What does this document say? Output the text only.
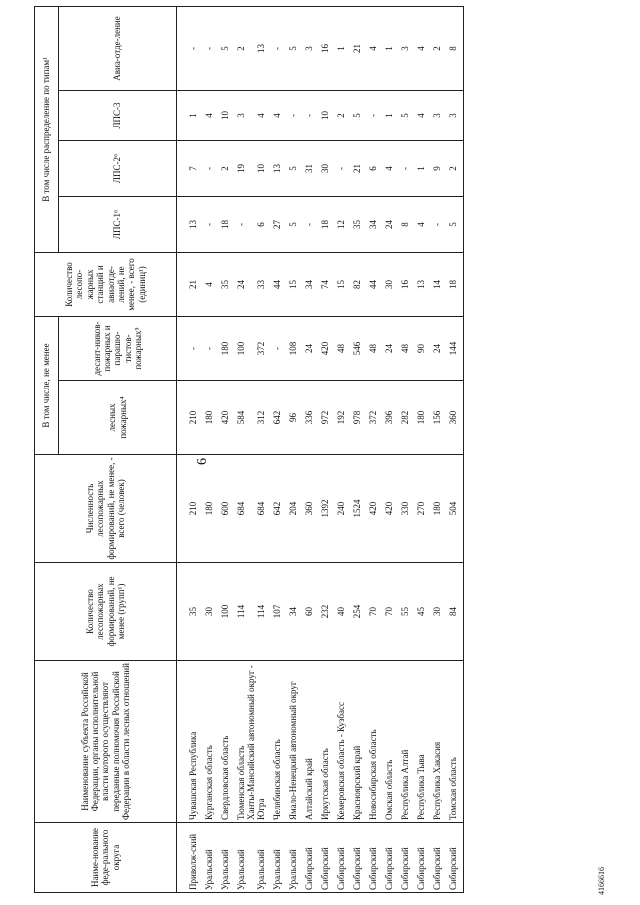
6
Наиме-нование феде-рального округа	Наименование субъекта Российской Федерации, органы исполнительной власти которого осуществляют переданные полномочия Российской Федерации в области лесных отношений	Количество лесопожарных формирований, не менее (групп¹)	Численность лесопожарных формирований, не менее, - всего (человек)	В том числе, не менее		Количество лесопо-жарных станций и авиаотде-лений, не менее, - всего (единиц¹)	В том числе распределение по типам¹			
				лесных пожарных⁴	десант-ников-пожарных и парашю-тистов-пожарных⁵		ЛПС-1⁶	ЛПС-2⁶	ЛПС-3	Авиа-отде-ление
Приволж-ский	Чувашская Республика	35	210	210	-	21	13	7	1	-
Уральский	Курганская область	30	180	180	-	4	-	-	4	-
Уральский	Свердловская область	100	600	420	180	35	18	2	10	5
Уральский	Тюменская область	114	684	584	100	24	-	19	3	2
Уральский	Ханты-Мансийский автономный округ - Югра	114	684	312	372	33	6	10	4	13
Уральский	Челябинская область	107	642	642	-	44	27	13	4	-
Уральский	Ямало-Ненецкий автономный округ	34	204	96	108	15	5	5	-	5
Сибирский	Алтайский край	60	360	336	24	34	-	31	-	3
Сибирский	Иркутская область	232	1392	972	420	74	18	30	10	16
Сибирский	Кемеровская область - Кузбасс	40	240	192	48	15	12	-	2	1
Сибирский	Красноярский край	254	1524	978	546	82	35	21	5	21
Сибирский	Новосибирская область	70	420	372	48	44	34	6	-	4
Сибирский	Омская область	70	420	396	24	30	24	4	1	1
Сибирский	Республика Алтай	55	330	282	48	16	8	-	5	3
Сибирский	Республика Тыва	45	270	180	90	13	4	1	4	4
Сибирский	Республика Хакасия	30	180	156	24	14	-	9	3	2
Сибирский	Томская область	84	504	360	144	18	5	2	3	8
4166616
